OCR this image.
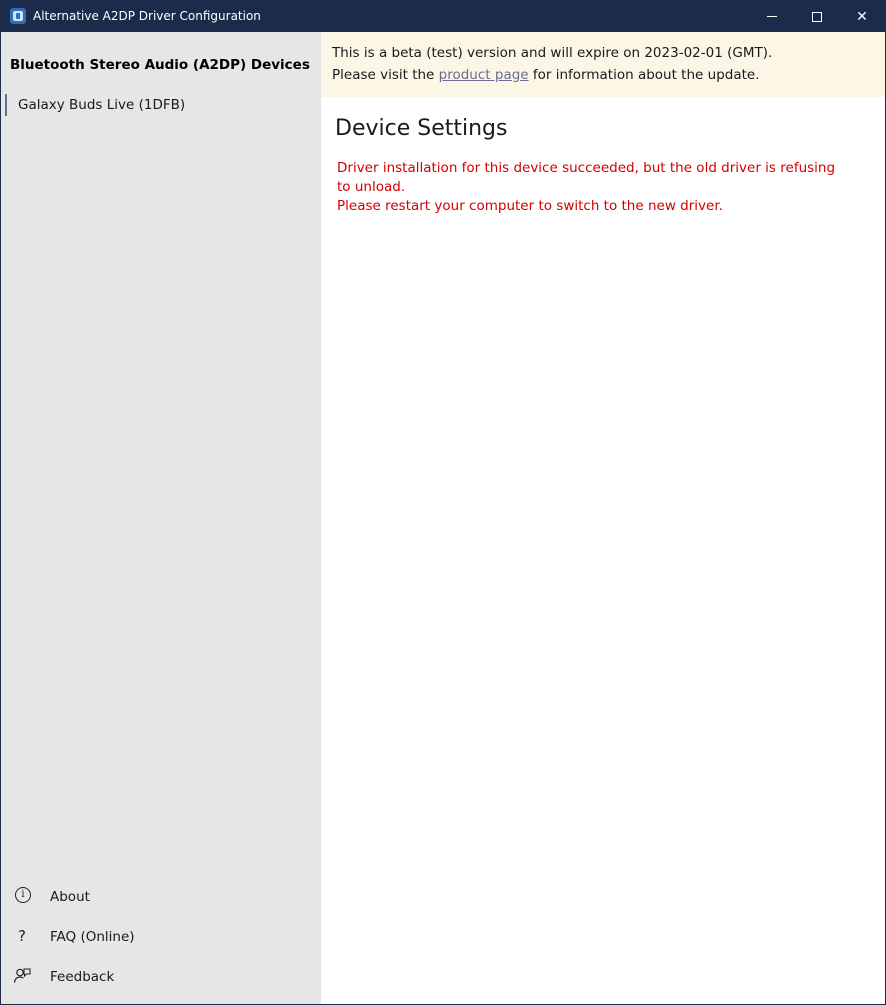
Alternative A2DP Driver Configuration	✕
Bluetooth Stereo Audio (A2DP) Devices
Galaxy Buds Live (1DFB)
i	About
?	FAQ (Online)
Feedback
This is a beta (test) version and will expire on 2023-02-01 (GMT).
Please visit the product page for information about the update.
Device Settings
Driver installation for this device succeeded, but the old driver is refusing to unload.
Please restart your computer to switch to the new driver.
